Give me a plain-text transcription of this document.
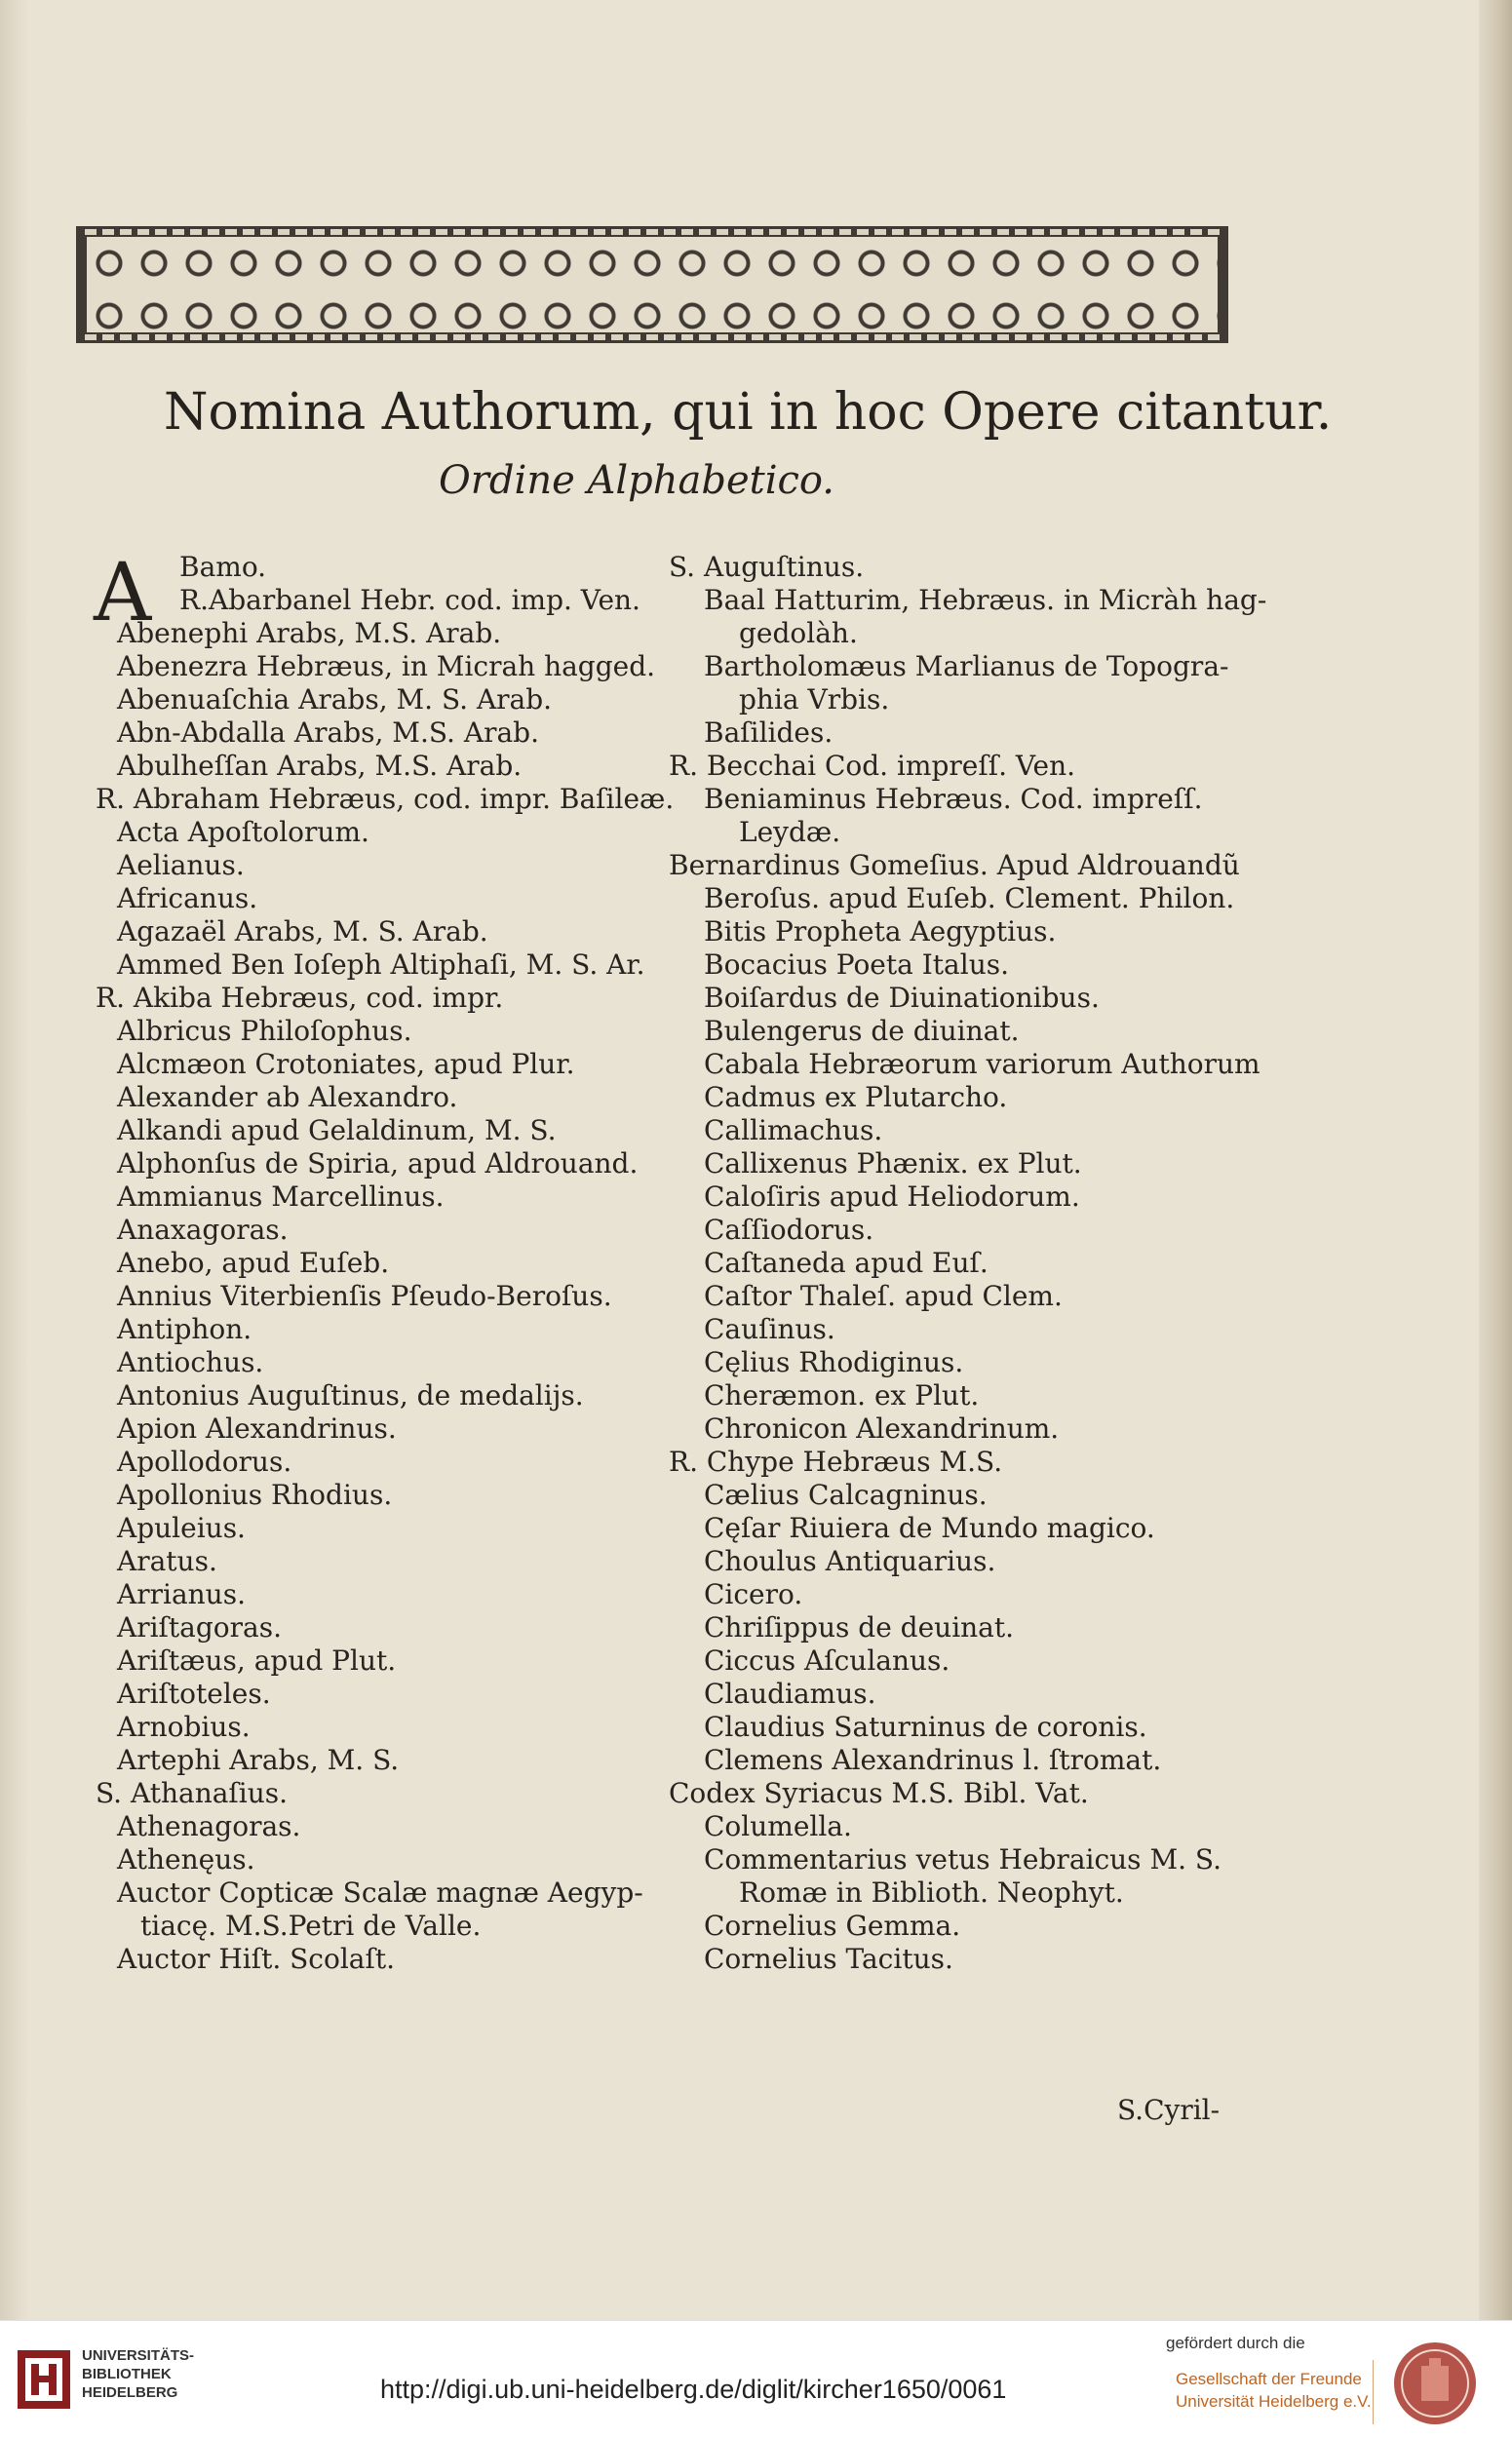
Nomina Authorum, qui in hoc Opere citantur.
Ordine Alphabetico.
A	Bamo.
R.Abarbanel Hebr. cod. imp. Ven.
Abenephi Arabs, M.S. Arab.
Abenezra Hebræus, in Micrah hagged.
Abenuaſchia Arabs, M. S. Arab.
Abn-Abdalla Arabs, M.S. Arab.
Abulheſſan Arabs, M.S. Arab.
R. Abraham Hebræus, cod. impr. Baſileæ.
Acta Apoſtolorum.
Aelianus.
Africanus.
Agazaël Arabs, M. S. Arab.
Ammed Ben Ioſeph Altiphaſi, M. S. Ar.
R. Akiba Hebræus, cod. impr.
Albricus Philoſophus.
Alcmæon Crotoniates, apud Plur.
Alexander ab Alexandro.
Alkandi apud Gelaldinum, M. S.
Alphonſus de Spiria, apud Aldrouand.
Ammianus Marcellinus.
Anaxagoras.
Anebo, apud Euſeb.
Annius Viterbienſis Pſeudo-Beroſus.
Antiphon.
Antiochus.
Antonius Auguſtinus, de medalijs.
Apion Alexandrinus.
Apollodorus.
Apollonius Rhodius.
Apuleius.
Aratus.
Arrianus.
Ariſtagoras.
Ariſtæus, apud Plut.
Ariſtoteles.
Arnobius.
Artephi Arabs, M. S.
S. Athanaſius.
Athenagoras.
Athenęus.
Auctor Copticæ Scalæ magnæ Aegyp-
tiacę. M.S.Petri de Valle.
Auctor Hiſt. Scolaſt.
S. Auguſtinus.
Baal Hatturim, Hebræus. in Micràh hag-
gedolàh.
Bartholomæus Marlianus de Topogra-
phia Vrbis.
Baſilides.
R. Becchai Cod. impreſſ. Ven.
Beniaminus Hebræus. Cod. impreſſ.
Leydæ.
Bernardinus Gomeſius. Apud Aldrouandũ
Beroſus. apud Euſeb. Clement. Philon.
Bitis Propheta Aegyptius.
Bocacius Poeta Italus.
Boiſardus de Diuinationibus.
Bulengerus de diuinat.
Cabala Hebræorum variorum Authorum
Cadmus ex Plutarcho.
Callimachus.
Callixenus Phænix. ex Plut.
Caloſiris apud Heliodorum.
Caſſiodorus.
Caſtaneda apud Euſ.
Caſtor Thaleſ. apud Clem.
Cauſinus.
Cęlius Rhodiginus.
Cheræmon. ex Plut.
Chronicon Alexandrinum.
R. Chype Hebræus M.S.
Cælius Calcagninus.
Cęſar Riuiera de Mundo magico.
Choulus Antiquarius.
Cicero.
Chriſippus de deuinat.
Ciccus Aſculanus.
Claudiamus.
Claudius Saturninus de coronis.
Clemens Alexandrinus l. ſtromat.
Codex Syriacus M.S. Bibl. Vat.
Columella.
Commentarius vetus Hebraicus M. S.
Romæ in Biblioth. Neophyt.
Cornelius Gemma.
Cornelius Tacitus.
S.Cyril-
UNIVERSITÄTS-
BIBLIOTHEK
HEIDELBERG	http://digi.ub.uni-heidelberg.de/diglit/kircher1650/0061
gefördert durch die
Gesellschaft der Freunde
Universität Heidelberg e.V.
